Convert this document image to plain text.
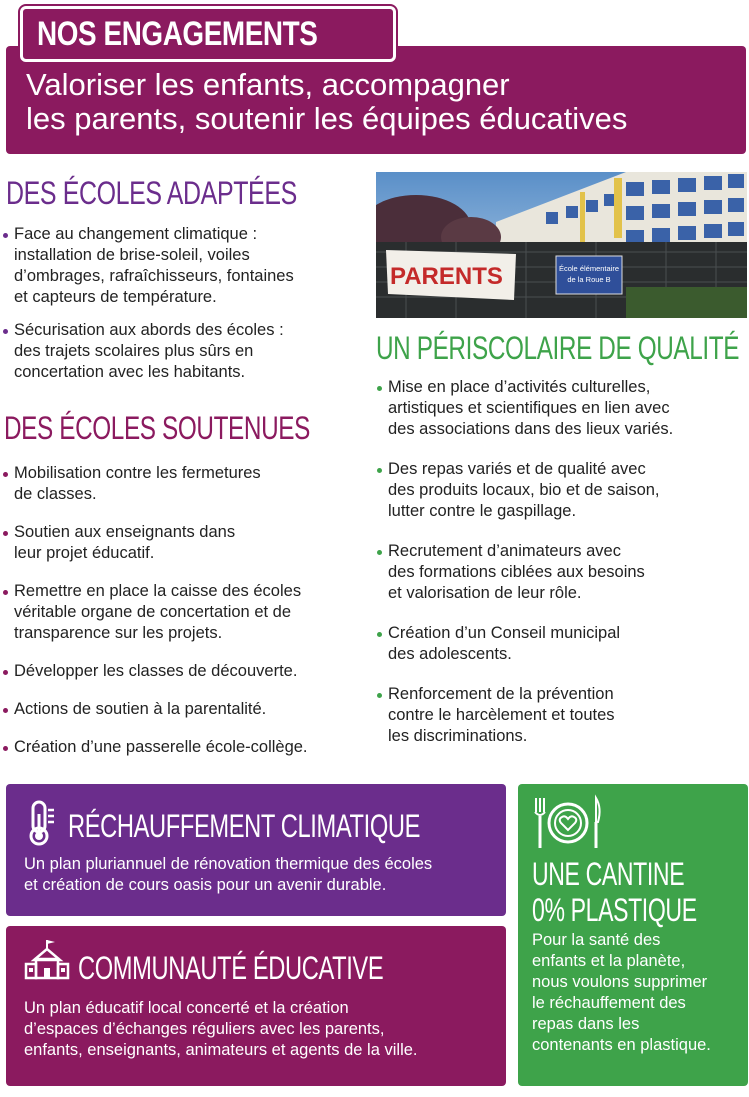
Valoriser les enfants, accompagner
les parents, soutenir les équipes éducatives
NOS ENGAGEMENTS
DES ÉCOLES ADAPTÉES
Face au changement climatique :
installation de brise-soleil, voiles
d’ombrages, rafraîchisseurs, fontaines
et capteurs de température.
Sécurisation aux abords des écoles :
des trajets scolaires plus sûrs en
concertation avec les habitants.
DES ÉCOLES SOUTENUES
Mobilisation contre les fermetures
de classes.
Soutien aux enseignants dans
leur projet éducatif.
Remettre en place la caisse des écoles
véritable organe de concertation et de
transparence sur les projets.
Développer les classes de découverte.
Actions de soutien à la parentalité.
Création d’une passerelle école-collège.
PARENTS	École élémentaire
de la Roue B
UN PÉRISCOLAIRE DE QUALITÉ
Mise en place d’activités culturelles,
artistiques et scientifiques en lien avec
des associations dans des lieux variés.
Des repas variés et de qualité avec
des produits locaux, bio et de saison,
lutter contre le gaspillage.
Recrutement d’animateurs avec
des formations ciblées aux besoins
et valorisation de leur rôle.
Création d’un Conseil municipal
des adolescents.
Renforcement de la prévention
contre le harcèlement et toutes
les discriminations.
RÉCHAUFFEMENT CLIMATIQUE
Un plan pluriannuel de rénovation thermique des écoles
et création de cours oasis pour un avenir durable.
COMMUNAUTÉ ÉDUCATIVE
Un plan éducatif local concerté et la création
d’espaces d’échanges réguliers avec les parents,
enfants, enseignants, animateurs et agents de la ville.
UNE CANTINE
0% PLASTIQUE
Pour la santé des
enfants et la planète,
nous voulons supprimer
le réchauffement des
repas dans les
contenants en plastique.
